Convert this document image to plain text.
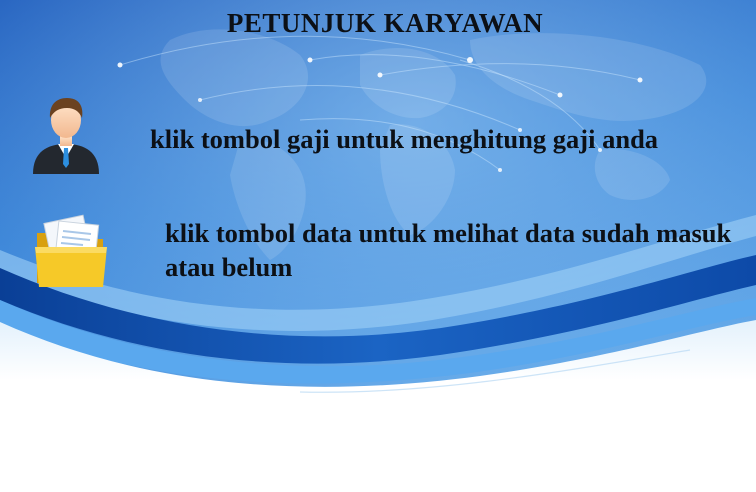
PETUNJUK KARYAWAN
klik tombol gaji untuk menghitung gaji anda
klik tombol data untuk melihat data sudah masuk atau belum
